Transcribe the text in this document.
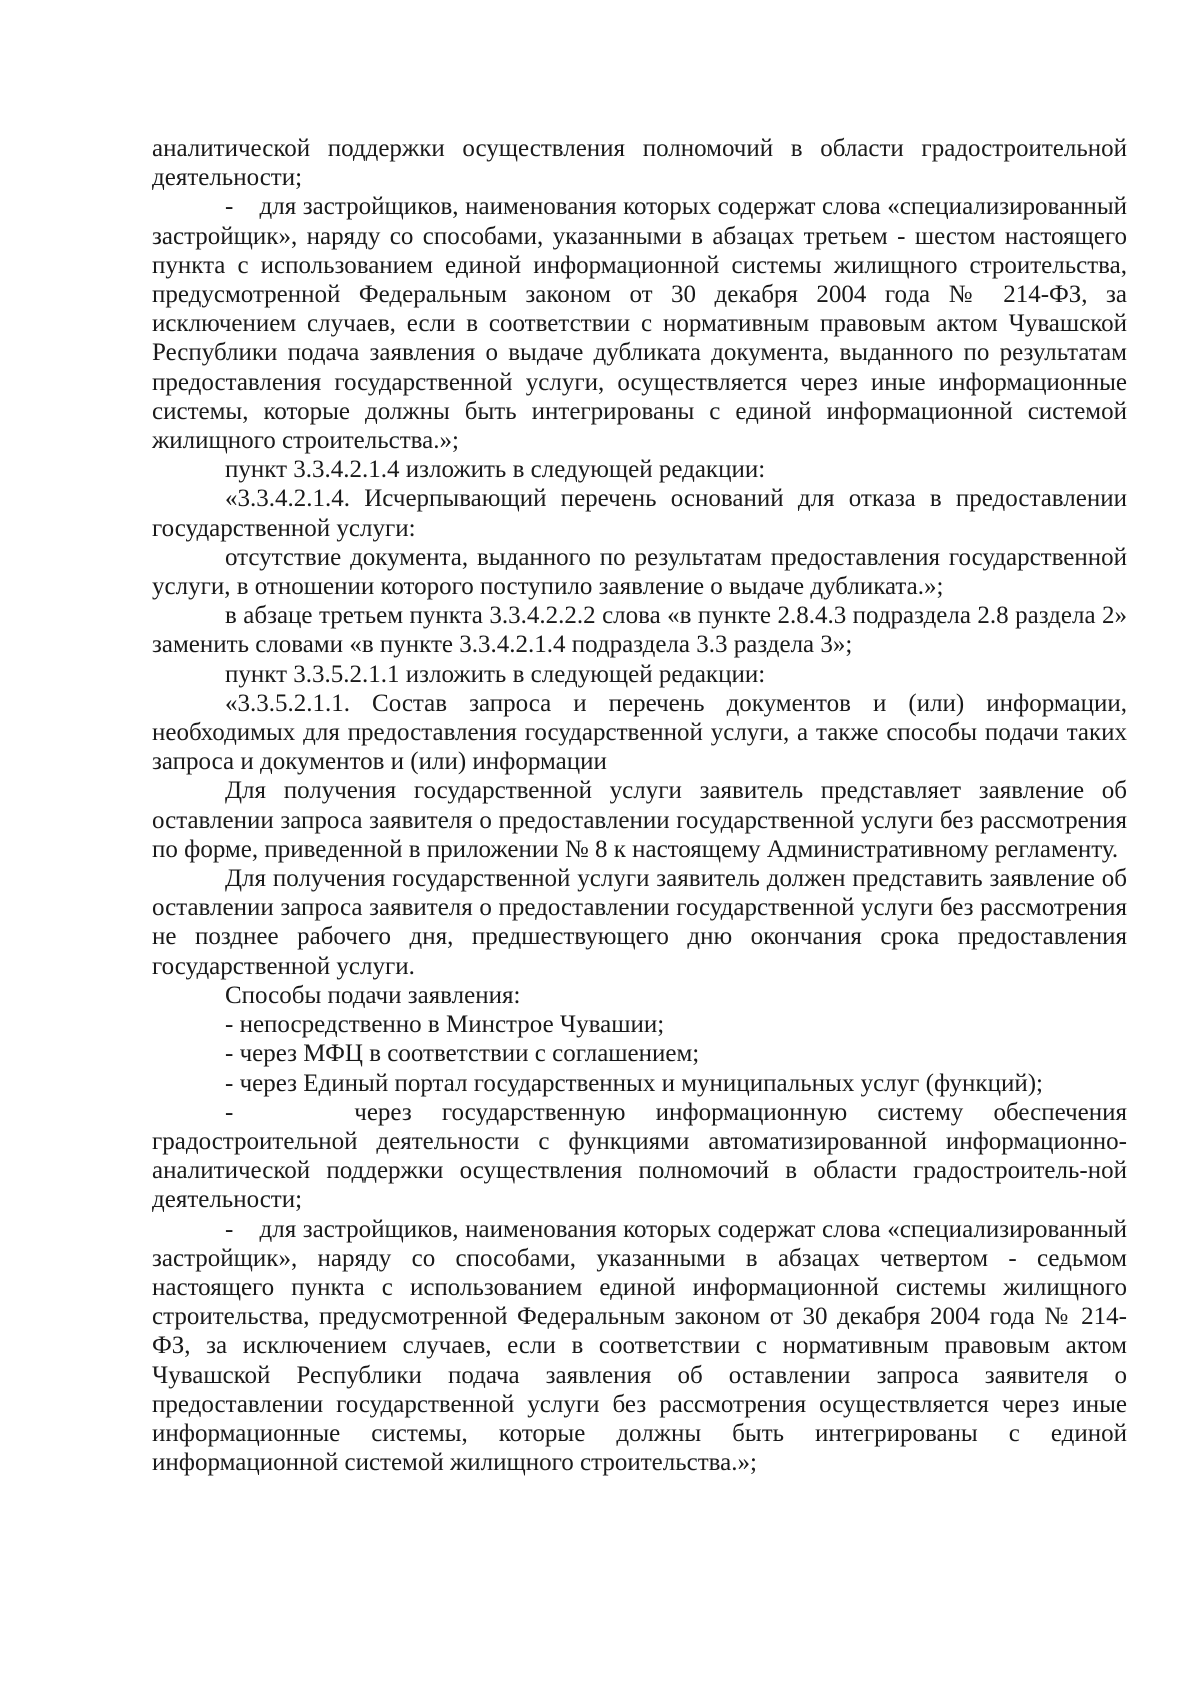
аналитической поддержки осуществления полномочий в области градостроительной деятельности;

-    для застройщиков, наименования которых содержат слова «специализированный застройщик», наряду со способами, указанными в абзацах третьем - шестом настоящего пункта с использованием единой информационной системы жилищного строительства, предусмотренной Федеральным законом от 30 декабря 2004 года № 214-ФЗ, за исключением случаев, если в соответствии с нормативным правовым актом Чувашской Республики подача заявления о выдаче дубликата документа, выданного по результатам предоставления государственной услуги, осуществляется через иные информационные системы, которые должны быть интегрированы с единой информационной системой жилищного строительства.»;

пункт 3.3.4.2.1.4 изложить в следующей редакции:

«3.3.4.2.1.4. Исчерпывающий перечень оснований для отказа в предоставлении государственной услуги:

отсутствие документа, выданного по результатам предоставления государственной услуги, в отношении которого поступило заявление о выдаче дубликата.»;

в абзаце третьем пункта 3.3.4.2.2.2 слова «в пункте 2.8.4.3 подраздела 2.8 раздела 2» заменить словами «в пункте 3.3.4.2.1.4 подраздела 3.3 раздела 3»;

пункт 3.3.5.2.1.1 изложить в следующей редакции:

«3.3.5.2.1.1. Состав запроса и перечень документов и (или) информации, необходимых для предоставления государственной услуги, а также способы подачи таких запроса и документов и (или) информации

Для получения государственной услуги заявитель представляет заявление об оставлении запроса заявителя о предоставлении государственной услуги без рассмотрения по форме, приведенной в приложении № 8 к настоящему Административному регламенту.

Для получения государственной услуги заявитель должен представить заявление об оставлении запроса заявителя о предоставлении государственной услуги без рассмотрения не позднее рабочего дня, предшествующего дню окончания срока предоставления государственной услуги.

Способы подачи заявления:

- непосредственно в Минстрое Чувашии;

- через МФЦ в соответствии с соглашением;

- через Единый портал государственных и муниципальных услуг (функций);

-    через государственную информационную систему обеспечения градостроительной деятельности с функциями автоматизированной информационно-аналитической поддержки осуществления полномочий в области градостроитель-ной деятельности;

-    для застройщиков, наименования которых содержат слова «специализированный застройщик», наряду со способами, указанными в абзацах четвертом - седьмом настоящего пункта с использованием единой информационной системы жилищного строительства, предусмотренной Федеральным законом от 30 декабря 2004 года № 214-ФЗ, за исключением случаев, если в соответствии с нормативным правовым актом Чувашской Республики подача заявления об оставлении запроса заявителя о предоставлении государственной услуги без рассмотрения осуществляется через иные информационные системы, которые должны быть интегрированы с единой информационной системой жилищного строительства.»;
